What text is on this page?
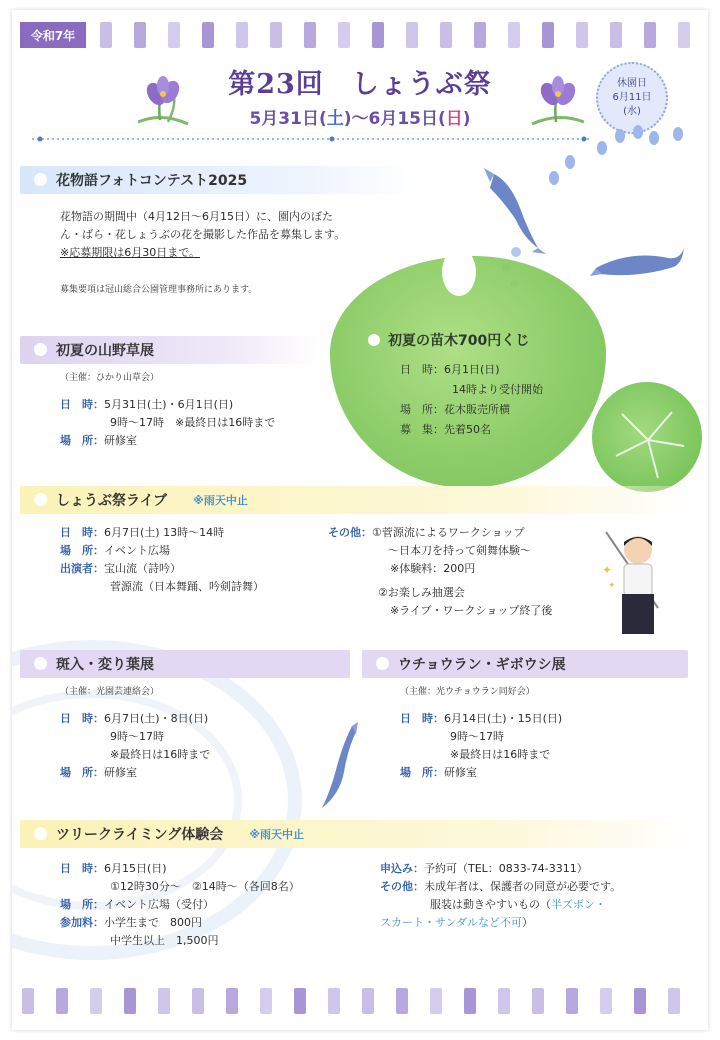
令和7年
第23回　しょうぶ祭
5月31日(土)～6月15日(日)
休園日
6月11日
(水)
花物語フォトコンテスト2025
花物語の期間中（4月12日～6月15日）に、園内のぼた
ん・ばら・花しょうぶの花を撮影した作品を募集します。
※応募期限は6月30日まで。
募集要項は冠山総合公園管理事務所にあります。
初夏の苗木700円くじ
日　時：6月1日(日)
14時より受付開始
場　所：花木販売所横
募　集：先着50名
初夏の山野草展
（主催：ひかり山草会）
日　時：5月31日(土)・6月1日(日)
9時～17時　※最終日は16時まで
場　所：研修室
しょうぶ祭ライブ ※雨天中止
日　時：6月7日(土) 13時～14時
場　所：イベント広場
出演者：宝山流（詩吟）
菅源流（日本舞踊、吟剣詩舞）
その他：①菅源流によるワークショップ
～日本刀を持って剣舞体験～
※体験料：200円
②お楽しみ抽選会
※ライブ・ワークショップ終了後
✦
✦
斑入・変り葉展
（主催：光園芸連絡会）
日　時：6月7日(土)・8日(日)
9時～17時
※最終日は16時まで
場　所：研修室
ウチョウラン・ギボウシ展
（主催：光ウチョウラン同好会）
日　時：6月14日(土)・15日(日)
9時～17時
※最終日は16時まで
場　所：研修室
ツリークライミング体験会 ※雨天中止
日　時：6月15日(日)
①12時30分～　②14時～（各回8名）
場　所：イベント広場（受付）
参加料：小学生まで　800円
中学生以上　1,500円
申込み：予約可（TEL：0833-74-3311）
その他：未成年者は、保護者の同意が必要です。
服装は動きやすいもの（半ズボン・
スカート・サンダルなど不可）
